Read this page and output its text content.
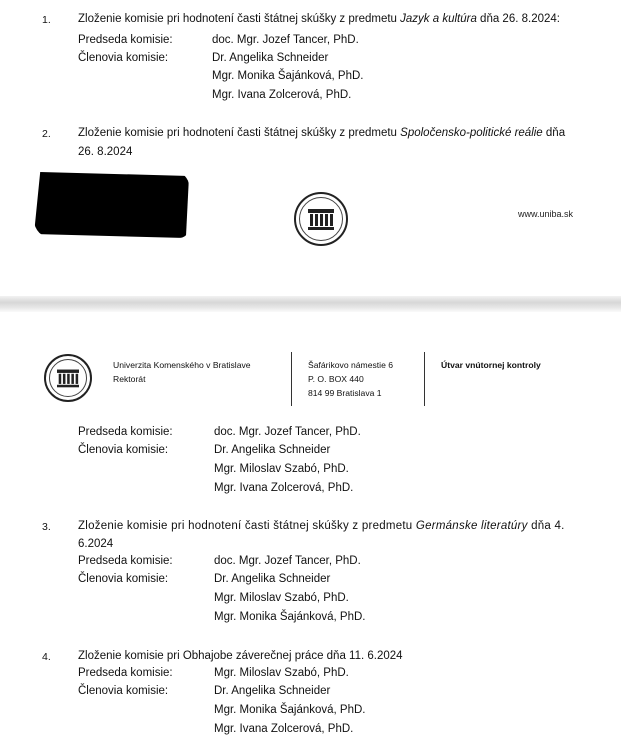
1. Zloženie komisie pri hodnotení časti štátnej skúšky z predmetu Jazyk a kultúra dňa 26. 8.2024:
Predseda komisie:	doc. Mgr. Jozef Tancer, PhD.
Členovia komisie:	Dr. Angelika Schneider
Mgr. Monika Šajánková, PhD.
Mgr. Ivana Zolcerová, PhD.
2. Zloženie komisie pri hodnotení časti štátnej skúšky z predmetu Spoločensko-politické reálie dňa
26. 8.2024
www.uniba.sk
Univerzita Komenského v Bratislave
Rektorát
Šafárikovo námestie 6
P. O. BOX 440
814 99 Bratislava 1
Útvar vnútornej kontroly
Predseda komisie:	doc. Mgr. Jozef Tancer, PhD.
Členovia komisie:	Dr. Angelika Schneider
Mgr. Miloslav Szabó, PhD.
Mgr. Ivana Zolcerová, PhD.
3. Zloženie komisie pri hodnotení časti štátnej skúšky z predmetu Germánske literatúry dňa 4.
6.2024
Predseda komisie:	doc. Mgr. Jozef Tancer, PhD.
Členovia komisie:	Dr. Angelika Schneider
Mgr. Miloslav Szabó, PhD.
Mgr. Monika Šajánková, PhD.
4. Zloženie komisie pri Obhajobe záverečnej práce dňa 11. 6.2024
Predseda komisie:	Mgr. Miloslav Szabó, PhD.
Členovia komisie:	Dr. Angelika Schneider
Mgr. Monika Šajánková, PhD.
Mgr. Ivana Zolcerová, PhD.
